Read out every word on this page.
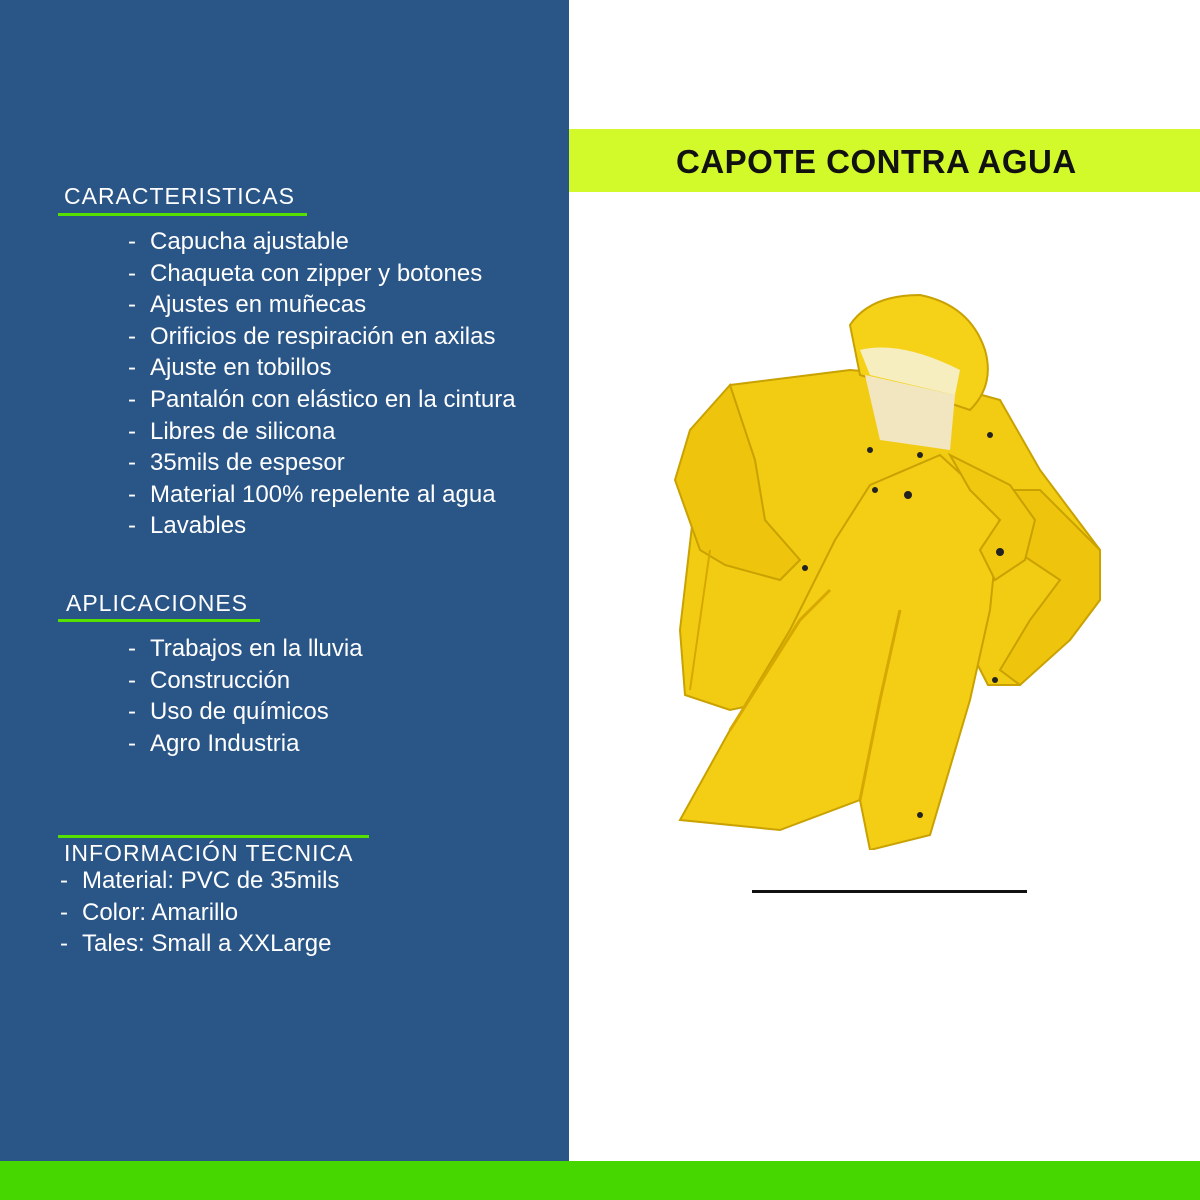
CARACTERISTICAS
- Capucha ajustable
- Chaqueta con zipper y botones
- Ajustes en muñecas
- Orificios de respiración en axilas
- Ajuste en tobillos
- Pantalón con elástico en la cintura
- Libres de silicona
- 35mils de espesor
- Material 100% repelente al agua
- Lavables
APLICACIONES
- Trabajos en la lluvia
- Construcción
- Uso de químicos
- Agro Industria
INFORMACIÓN TECNICA
- Material: PVC de 35mils
- Color: Amarillo
- Tales: Small a XXLarge
CAPOTE CONTRA AGUA
